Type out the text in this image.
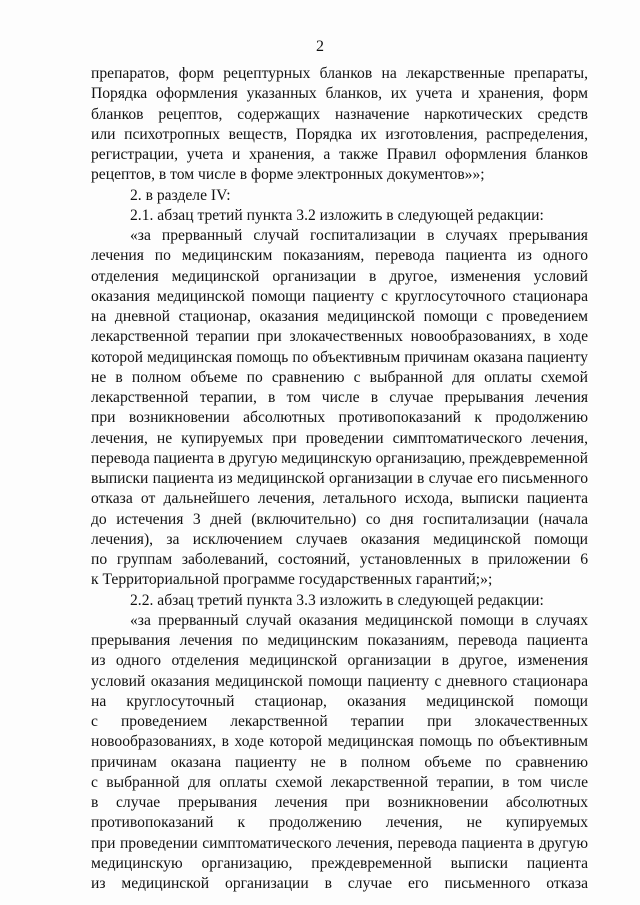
2
препаратов, форм рецептурных бланков на лекарственные препараты,
Порядка оформления указанных бланков, их учета и хранения, форм
бланков рецептов, содержащих назначение наркотических средств
или психотропных веществ, Порядка их изготовления, распределения,
регистрации, учета и хранения, а также Правил оформления бланков
рецептов, в том числе в форме электронных документов»»;
2. в разделе IV:
2.1. абзац третий пункта 3.2 изложить в следующей редакции:
«за прерванный случай госпитализации в случаях прерывания
лечения по медицинским показаниям, перевода пациента из одного
отделения медицинской организации в другое, изменения условий
оказания медицинской помощи пациенту с круглосуточного стационара
на дневной стационар, оказания медицинской помощи с проведением
лекарственной терапии при злокачественных новообразованиях, в ходе
которой медицинская помощь по объективным причинам оказана пациенту
не в полном объеме по сравнению с выбранной для оплаты схемой
лекарственной терапии, в том числе в случае прерывания лечения
при возникновении абсолютных противопоказаний к продолжению
лечения, не купируемых при проведении симптоматического лечения,
перевода пациента в другую медицинскую организацию, преждевременной
выписки пациента из медицинской организации в случае его письменного
отказа от дальнейшего лечения, летального исхода, выписки пациента
до истечения 3 дней (включительно) со дня госпитализации (начала
лечения), за исключением случаев оказания медицинской помощи
по группам заболеваний, состояний, установленных в приложении 6
к Территориальной программе государственных гарантий;»;
2.2. абзац третий пункта 3.3 изложить в следующей редакции:
«за прерванный случай оказания медицинской помощи в случаях
прерывания лечения по медицинским показаниям, перевода пациента
из одного отделения медицинской организации в другое, изменения
условий оказания медицинской помощи пациенту с дневного стационара
на круглосуточный стационар, оказания медицинской помощи
с проведением лекарственной терапии при злокачественных
новообразованиях, в ходе которой медицинская помощь по объективным
причинам оказана пациенту не в полном объеме по сравнению
с выбранной для оплаты схемой лекарственной терапии, в том числе
в случае прерывания лечения при возникновении абсолютных
противопоказаний к продолжению лечения, не купируемых
при проведении симптоматического лечения, перевода пациента в другую
медицинскую организацию, преждевременной выписки пациента
из медицинской организации в случае его письменного отказа
